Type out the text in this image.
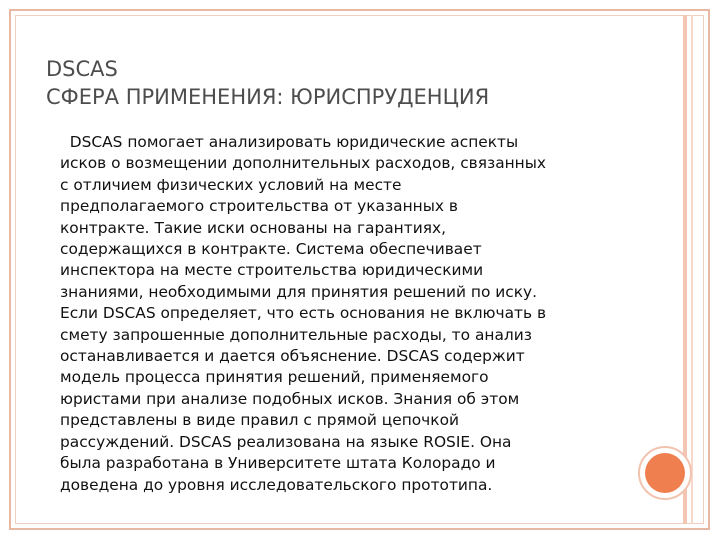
DSCAS
СФЕРА ПРИМЕНЕНИЯ: ЮРИСПРУДЕНЦИЯ
DSCAS помогает анализировать юридические аспекты
исков о возмещении дополнительных расходов, связанных
с отличием физических условий на месте
предполагаемого строительства от указанных в
контракте. Такие иски основаны на гарантиях,
содержащихся в контракте. Система обеспечивает
инспектора на месте строительства юридическими
знаниями, необходимыми для принятия решений по иску.
Если DSCAS определяет, что есть основания не включать в
смету запрошенные дополнительные расходы, то анализ
останавливается и дается объяснение. DSCAS содержит
модель процесса принятия решений, применяемого
юристами при анализе подобных исков. Знания об этом
представлены в виде правил с прямой цепочкой
рассуждений. DSCAS реализована на языке ROSIE. Она
была разработана в Университете штата Колорадо и
доведена до уровня исследовательского прототипа.
